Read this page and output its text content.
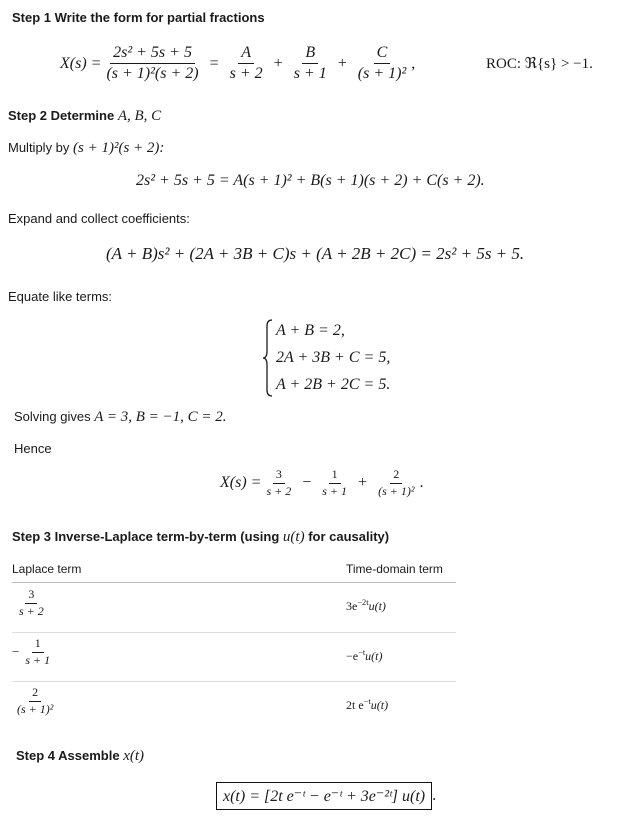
Step 1 Write the form for partial fractions
$X(s) = \frac{\text{2s² + 5s + 5}}{\text{(s + 1)²(s + 2)}} = \frac{A}{s + 2} + \frac{B}{s + 1} + \frac{C}{\text{(s + 1)²}}$ ,	ROC: ℜ{s} > −1.
Step 2 Determine A, B, C
Multiply by (s + 1)²(s + 2):
2s² + 5s + 5 = A(s + 1)² + B(s + 1)(s + 2) + C(s + 2).
Expand and collect coefficients:
(A + B)s² + (2A + 3B + C)s + (A + 2B + 2C) = 2s² + 5s + 5.
Equate like terms:
A + B = 2,
2A + 3B + C = 5,
A + 2B + 2C = 5.
Solving gives A = 3, B = −1, C = 2.
Hence
$X(s) = \frac{3}{s + 2} - \frac{1}{s + 1} + \frac{2}{\text{(s + 1)²}}$ .
Step 3 Inverse-Laplace term-by-term (using u(t) for causality)
Laplace term	Time-domain term
$\frac{3}{s + 2}$	$3e^{-2t}u(t)$
− $\frac{1}{s + 1}$	$-e^{-t}u(t)$
$\frac{2}{\text{(s + 1)²}}$	2t $e^{-t}u(t)$
Step 4 Assemble x(t)
x(t) = [2t e⁻ᵗ − e⁻ᵗ + 3e⁻²ᵗ] u(t) .
